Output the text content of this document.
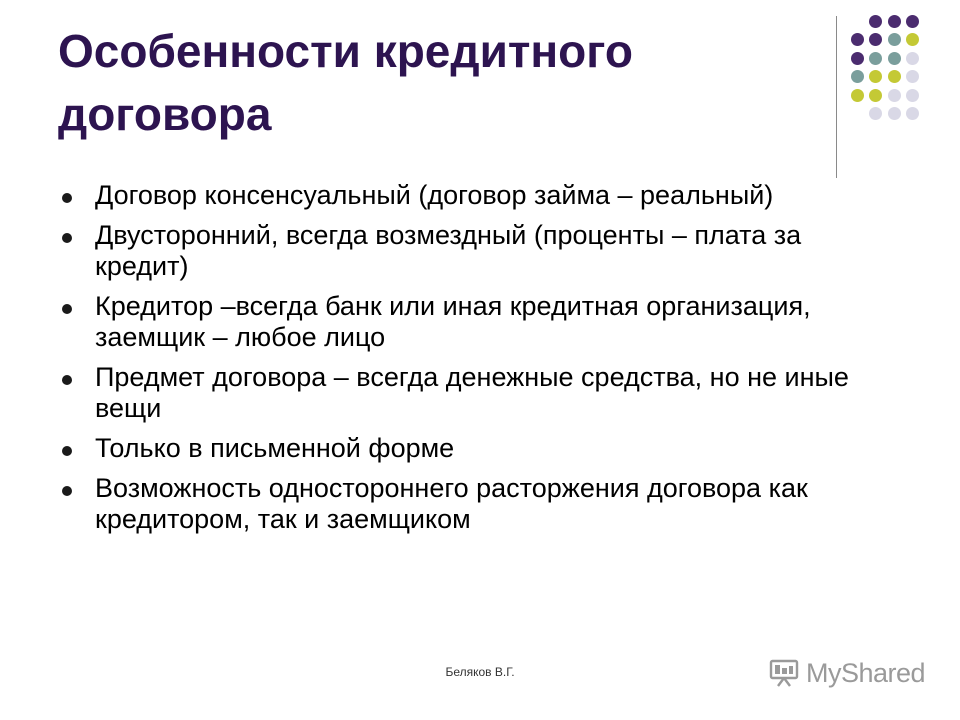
Особенности кредитного договора
Договор консенсуальный (договор займа – реальный)
Двусторонний, всегда возмездный (проценты – плата за кредит)
Кредитор –всегда банк или иная кредитная организация, заемщик – любое лицо
Предмет договора – всегда денежные средства, но не иные вещи
Только в письменной форме
Возможность одностороннего расторжения договора как кредитором, так и заемщиком
Беляков В.Г.	MyShared
